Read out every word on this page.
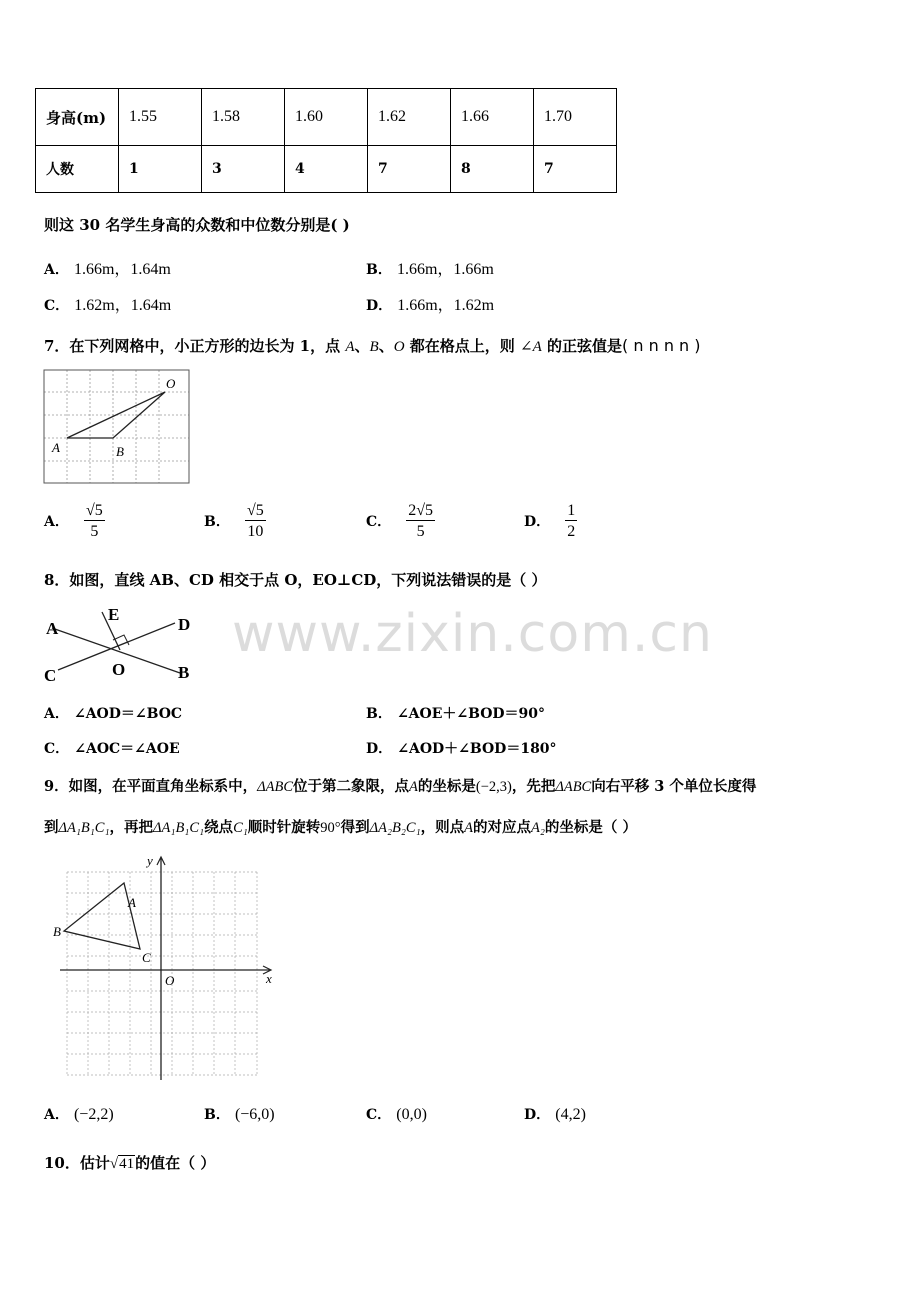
身高(m)	1.55	1.58	1.60	1.62	1.66	1.70
人数	1	3	4	7	8	7
则这 30 名学生身高的众数和中位数分别是( )
A． 1.66m，1.64m	B． 1.66m，1.66m
C． 1.62m，1.64m	D． 1.66m，1.62m
7．在下列网格中，小正方形的边长为 1，点 A、B、O 都在格点上，则 ∠A 的正弦值是( n n n n )
A	B
O
A． $\frac{√5}{5}$	B． $\frac{√5}{10}$	C． $\frac{2√5}{5}$	D． $\frac{1}{2}$
8．如图，直线 AB、CD 相交于点 O，EO⊥CD，下列说法错误的是（ ）
A	D
E
C	O	B
A． ∠AOD＝∠BOC	B． ∠AOE＋∠BOD＝90°
C． ∠AOC＝∠AOE	D． ∠AOD＋∠BOD＝180°
9．如图，在平面直角坐标系中，ΔABC位于第二象限，点A的坐标是(−2,3)，先把ΔABC向右平移 3 个单位长度得
到ΔA₁B₁C₁，再把ΔA₁B₁C₁绕点C₁顺时针旋转90°得到ΔA₂B₂C₁，则点A的对应点A₂的坐标是（ ）
A
B
C
O	x
y
A． (−2,2)	B． (−6,0)	C． (0,0)	D． (4,2)
10．估计√41的值在（ ）
www.zixin.com.cn
